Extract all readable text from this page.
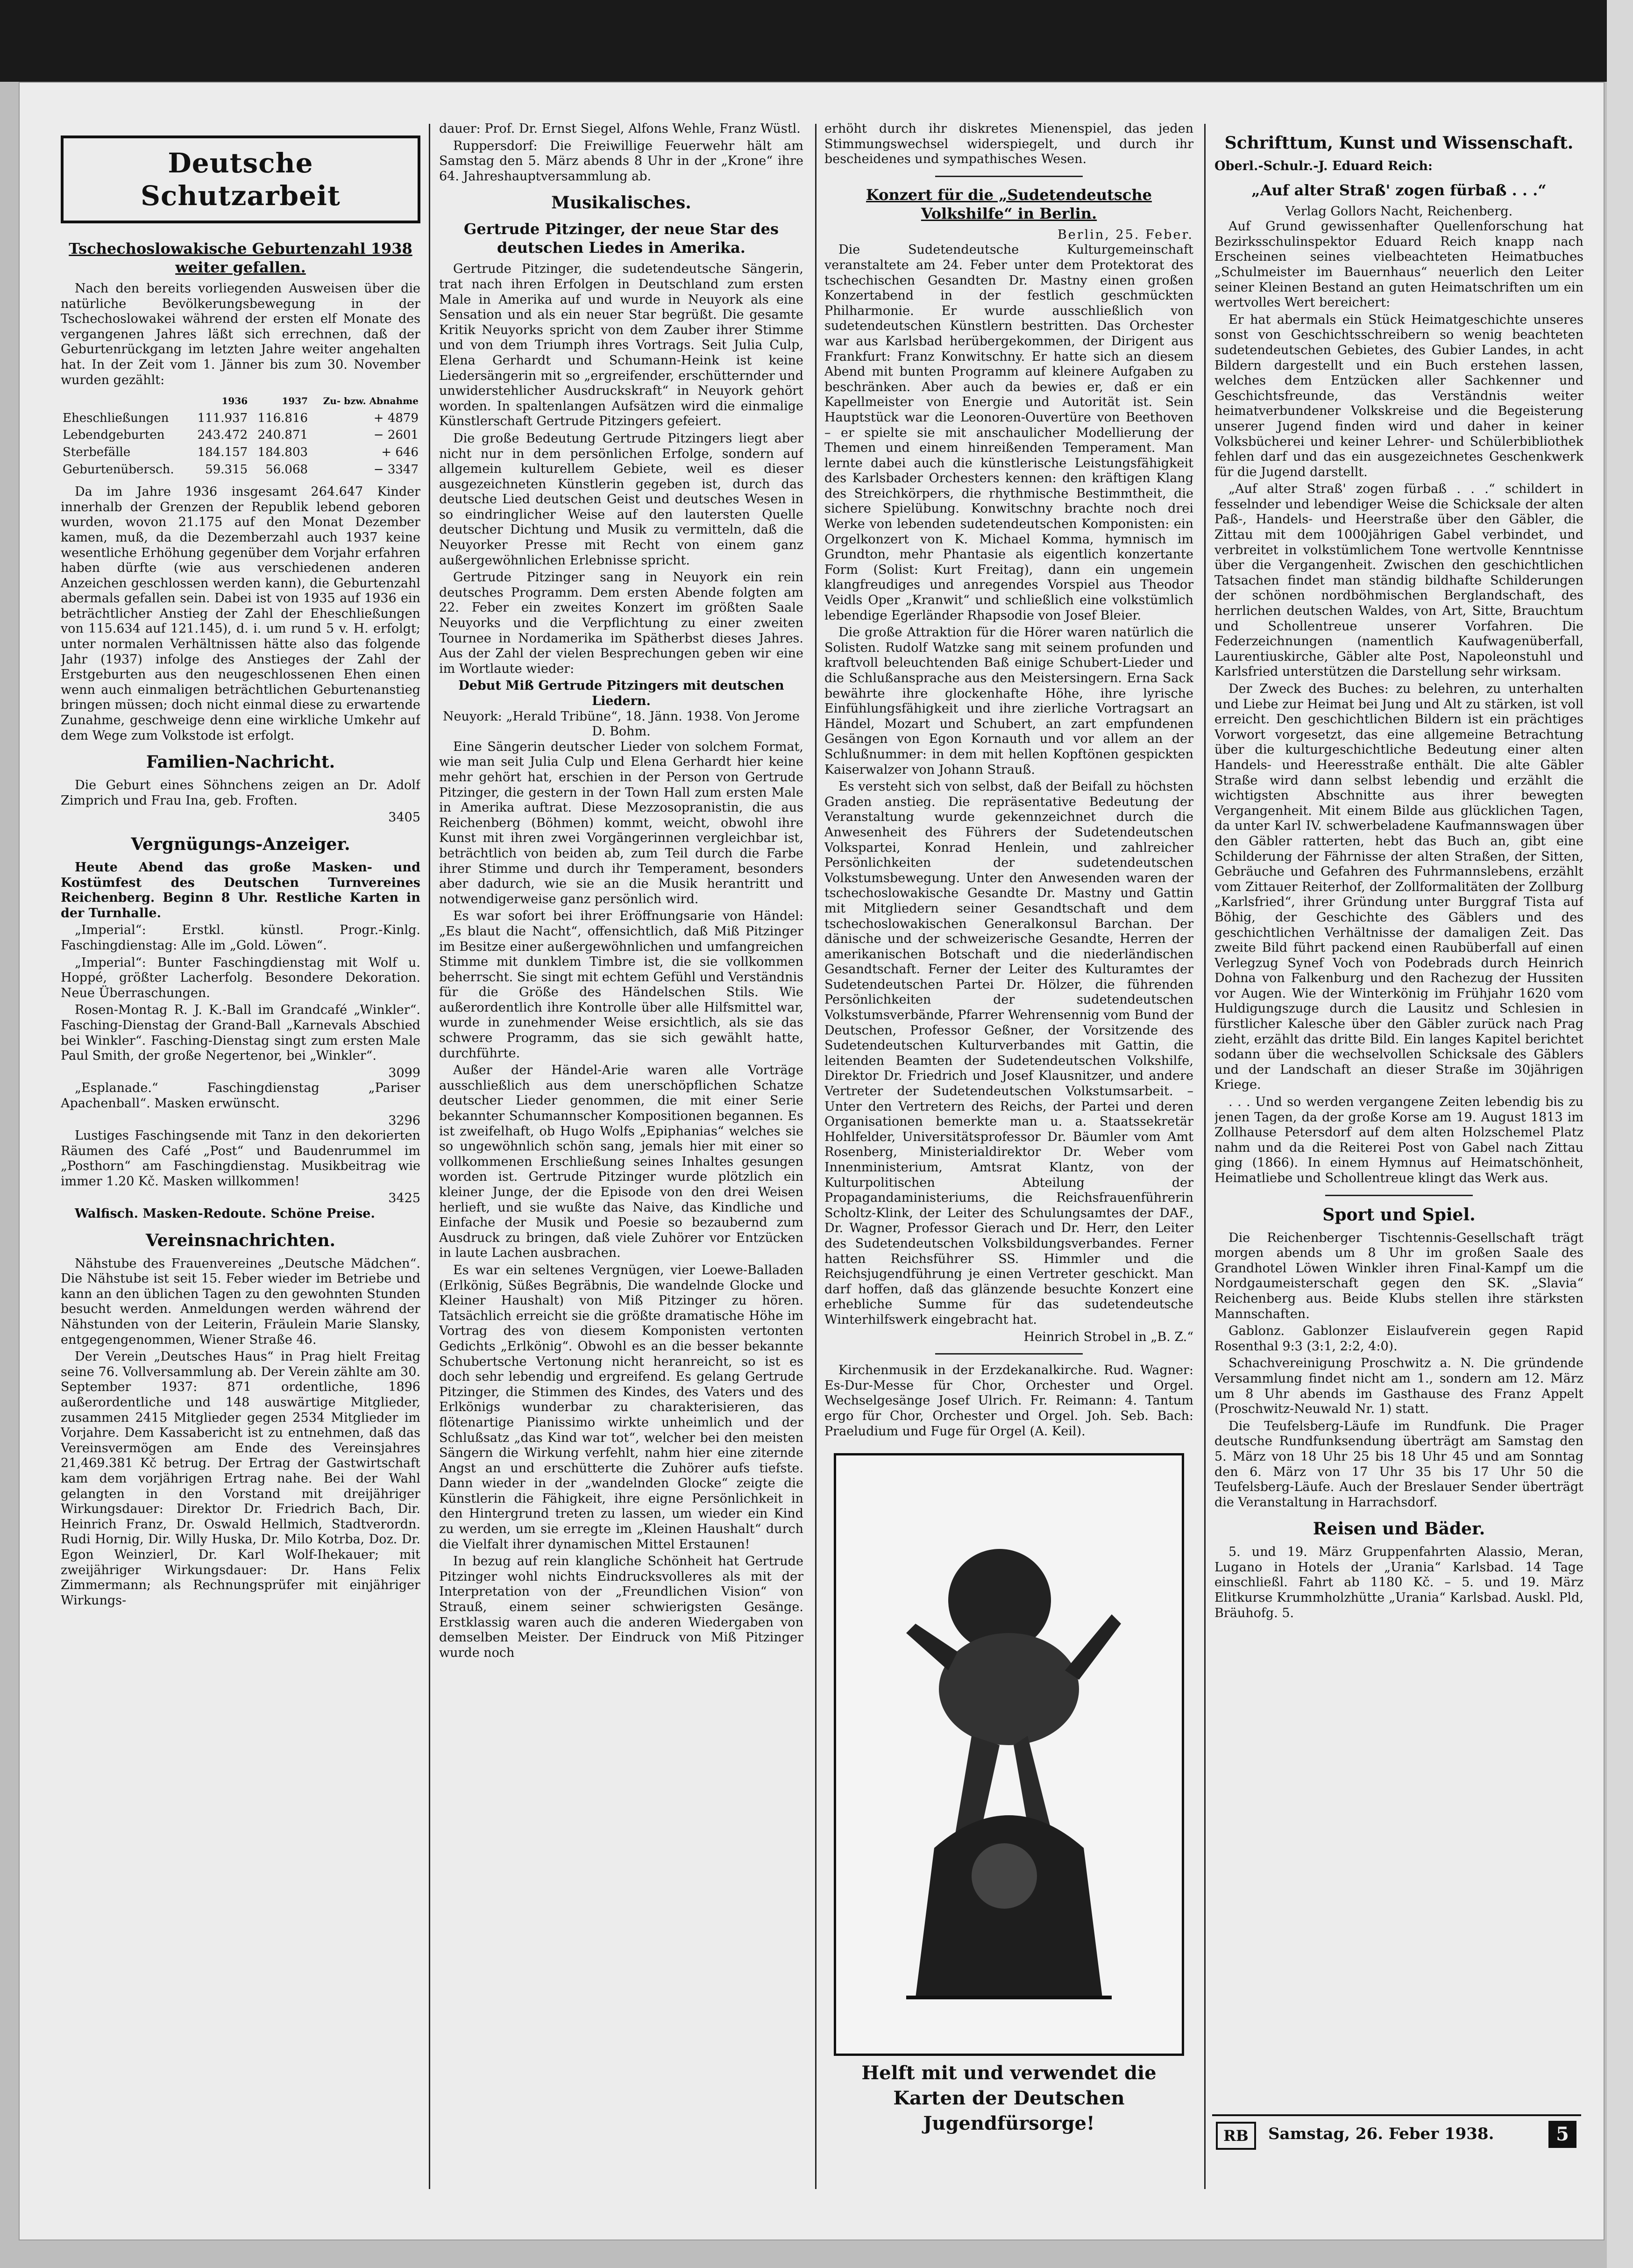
Deutsche Schutzarbeit
Tschechoslowakische Geburtenzahl 1938 weiter gefallen.

Nach den bereits vorliegenden Ausweisen über die natürliche Bevölkerungsbewegung in der Tschechoslowakei während der ersten elf Monate des vergangenen Jahres läßt sich errechnen, daß der Geburtenrückgang im letzten Jahre weiter angehalten hat. In der Zeit vom 1. Jänner bis zum 30. November wurden gezählt:

	1936	1937	Zu- bzw. Abnahme
Eheschließungen	111.937	116.816	+ 4879
Lebendgeburten	243.472	240.871	− 2601
Sterbefälle	184.157	184.803	+ 646
Geburtenübersch.	59.315	56.068	− 3347

Da im Jahre 1936 insgesamt 264.647 Kinder innerhalb der Grenzen der Republik lebend geboren wurden, wovon 21.175 auf den Monat Dezember kamen, muß, da die Dezemberzahl auch 1937 keine wesentliche Erhöhung gegenüber dem Vorjahr erfahren haben dürfte (wie aus verschiedenen anderen Anzeichen geschlossen werden kann), die Geburtenzahl abermals gefallen sein. Dabei ist von 1935 auf 1936 ein beträchtlicher Anstieg der Zahl der Eheschließungen von 115.634 auf 121.145), d. i. um rund 5 v. H. erfolgt; unter normalen Verhältnissen hätte also das folgende Jahr (1937) infolge des Anstieges der Zahl der Erstgeburten aus den neugeschlossenen Ehen einen wenn auch einmaligen beträchtlichen Geburtenanstieg bringen müssen; doch nicht einmal diese zu erwartende Zunahme, geschweige denn eine wirkliche Umkehr auf dem Wege zum Volkstode ist erfolgt.

Familien-Nachricht.

Die Geburt eines Söhnchens zeigen an Dr. Adolf Zimprich und Frau Ina, geb. Froften.

3405
Vergnügungs-Anzeiger.

Heute Abend das große Masken- und Kostümfest des Deutschen Turnvereines Reichenberg. Beginn 8 Uhr. Restliche Karten in der Turnhalle.

„Imperial“: Erstkl. künstl. Progr.-Kinlg. Faschingdienstag: Alle im „Gold. Löwen“.

„Imperial“: Bunter Faschingdienstag mit Wolf u. Hoppé, größter Lacherfolg. Besondere Dekoration. Neue Überraschungen.

Rosen-Montag R. J. K.-Ball im Grandcafé „Winkler“. Fasching-Dienstag der Grand-Ball „Karnevals Abschied bei Winkler“. Fasching-Dienstag singt zum ersten Male Paul Smith, der große Negertenor, bei „Winkler“.

3099

„Esplanade.“ Faschingdienstag „Pariser Apachenball“. Masken erwünscht.

3296

Lustiges Faschingsende mit Tanz in den dekorierten Räumen des Café „Post“ und Baudenrummel im „Posthorn“ am Faschingdienstag. Musikbeitrag wie immer 1.20 Kč. Masken willkommen!

3425

Walfisch. Masken-Redoute. Schöne Preise.

Vereinsnachrichten.

Nähstube des Frauenvereines „Deutsche Mädchen“. Die Nähstube ist seit 15. Feber wieder im Betriebe und kann an den üblichen Tagen zu den gewohnten Stunden besucht werden. Anmeldungen werden während der Nähstunden von der Leiterin, Fräulein Marie Slansky, entgegengenommen, Wiener Straße 46.

Der Verein „Deutsches Haus“ in Prag hielt Freitag seine 76. Vollversammlung ab. Der Verein zählte am 30. September 1937: 871 ordentliche, 1896 außerordentliche und 148 auswärtige Mitglieder, zusammen 2415 Mitglieder gegen 2534 Mitglieder im Vorjahre. Dem Kassabericht ist zu entnehmen, daß das Vereinsvermögen am Ende des Vereinsjahres 21,469.381 Kč betrug. Der Ertrag der Gastwirtschaft kam dem vorjährigen Ertrag nahe. Bei der Wahl gelangten in den Vorstand mit dreijähriger Wirkungsdauer: Direktor Dr. Friedrich Bach, Dir. Heinrich Franz, Dr. Oswald Hellmich, Stadtverordn. Rudi Hornig, Dir. Willy Huska, Dr. Milo Kotrba, Doz. Dr. Egon Weinzierl, Dr. Karl Wolf-Ihekauer; mit zweijähriger Wirkungsdauer: Dr. Hans Felix Zimmermann; als Rechnungsprüfer mit einjähriger Wirkungs-

dauer: Prof. Dr. Ernst Siegel, Alfons Wehle, Franz Wüstl.

Ruppersdorf: Die Freiwillige Feuerwehr hält am Samstag den 5. März abends 8 Uhr in der „Krone“ ihre 64. Jahreshauptversammlung ab.

Musikalisches.
Gertrude Pitzinger, der neue Star des deutschen Liedes in Amerika.

Gertrude Pitzinger, die sudetendeutsche Sängerin, trat nach ihren Erfolgen in Deutschland zum ersten Male in Amerika auf und wurde in Neuyork als eine Sensation und als ein neuer Star begrüßt. Die gesamte Kritik Neuyorks spricht von dem Zauber ihrer Stimme und von dem Triumph ihres Vortrags. Seit Julia Culp, Elena Gerhardt und Schumann-Heink ist keine Liedersängerin mit so „ergreifender, erschütternder und unwiderstehlicher Ausdruckskraft“ in Neuyork gehört worden. In spaltenlangen Aufsätzen wird die einmalige Künstlerschaft Gertrude Pitzingers gefeiert.

Die große Bedeutung Gertrude Pitzingers liegt aber nicht nur in dem persönlichen Erfolge, sondern auf allgemein kulturellem Gebiete, weil es dieser ausgezeichneten Künstlerin gegeben ist, durch das deutsche Lied deutschen Geist und deutsches Wesen in so eindringlicher Weise auf den lautersten Quelle deutscher Dichtung und Musik zu vermitteln, daß die Neuyorker Presse mit Recht von einem ganz außergewöhnlichen Erlebnisse spricht.

Gertrude Pitzinger sang in Neuyork ein rein deutsches Programm. Dem ersten Abende folgten am 22. Feber ein zweites Konzert im größten Saale Neuyorks und die Verpflichtung zu einer zweiten Tournee in Nordamerika im Spätherbst dieses Jahres. Aus der Zahl der vielen Besprechungen geben wir eine im Wortlaute wieder:

Debut Miß Gertrude Pitzingers mit deutschen Liedern.
Neuyork: „Herald Tribüne“, 18. Jänn. 1938. Von Jerome D. Bohm.

Eine Sängerin deutscher Lieder von solchem Format, wie man seit Julia Culp und Elena Gerhardt hier keine mehr gehört hat, erschien in der Person von Gertrude Pitzinger, die gestern in der Town Hall zum ersten Male in Amerika auftrat. Diese Mezzosopranistin, die aus Reichenberg (Böhmen) kommt, weicht, obwohl ihre Kunst mit ihren zwei Vorgängerinnen vergleichbar ist, beträchtlich von beiden ab, zum Teil durch die Farbe ihrer Stimme und durch ihr Temperament, besonders aber dadurch, wie sie an die Musik herantritt und notwendigerweise ganz persönlich wird.

Es war sofort bei ihrer Eröffnungsarie von Händel: „Es blaut die Nacht“, offensichtlich, daß Miß Pitzinger im Besitze einer außergewöhnlichen und umfangreichen Stimme mit dunklem Timbre ist, die sie vollkommen beherrscht. Sie singt mit echtem Gefühl und Verständnis für die Größe des Händelschen Stils. Wie außerordentlich ihre Kontrolle über alle Hilfsmittel war, wurde in zunehmender Weise ersichtlich, als sie das schwere Programm, das sie sich gewählt hatte, durchführte.

Außer der Händel-Arie waren alle Vorträge ausschließlich aus dem unerschöpflichen Schatze deutscher Lieder genommen, die mit einer Serie bekannter Schumannscher Kompositionen begannen. Es ist zweifelhaft, ob Hugo Wolfs „Epiphanias“ welches sie so ungewöhnlich schön sang, jemals hier mit einer so vollkommenen Erschließung seines Inhaltes gesungen worden ist. Gertrude Pitzinger wurde plötzlich ein kleiner Junge, der die Episode von den drei Weisen herlieft, und sie wußte das Naive, das Kindliche und Einfache der Musik und Poesie so bezaubernd zum Ausdruck zu bringen, daß viele Zuhörer vor Entzücken in laute Lachen ausbrachen.

Es war ein seltenes Vergnügen, vier Loewe-Balladen (Erlkönig, Süßes Begräbnis, Die wandelnde Glocke und Kleiner Haushalt) von Miß Pitzinger zu hören. Tatsächlich erreicht sie die größte dramatische Höhe im Vortrag des von diesem Komponisten vertonten Gedichts „Erlkönig“. Obwohl es an die besser bekannte Schubertsche Vertonung nicht heranreicht, so ist es doch sehr lebendig und ergreifend. Es gelang Gertrude Pitzinger, die Stimmen des Kindes, des Vaters und des Erlkönigs wunderbar zu charakterisieren, das flötenartige Pianissimo wirkte unheimlich und der Schlußsatz „das Kind war tot“, welcher bei den meisten Sängern die Wirkung verfehlt, nahm hier eine ziternde Angst an und erschütterte die Zuhörer aufs tiefste. Dann wieder in der „wandelnden Glocke“ zeigte die Künstlerin die Fähigkeit, ihre eigne Persönlichkeit in den Hintergrund treten zu lassen, um wieder ein Kind zu werden, um sie erregte im „Kleinen Haushalt“ durch die Vielfalt ihrer dynamischen Mittel Erstaunen!

In bezug auf rein klangliche Schönheit hat Gertrude Pitzinger wohl nichts Eindrucksvolleres als mit der Interpretation von der „Freundlichen Vision“ von Strauß, einem seiner schwierigsten Gesänge. Erstklassig waren auch die anderen Wiedergaben von demselben Meister. Der Eindruck von Miß Pitzinger wurde noch

erhöht durch ihr diskretes Mienenspiel, das jeden Stimmungswechsel widerspiegelt, und durch ihr bescheidenes und sympathisches Wesen.

Konzert für die „Sudetendeutsche Volkshilfe“ in Berlin.
Berlin, 25. Feber.

Die Sudetendeutsche Kulturgemeinschaft veranstaltete am 24. Feber unter dem Protektorat des tschechischen Gesandten Dr. Mastny einen großen Konzertabend in der festlich geschmückten Philharmonie. Er wurde ausschließlich von sudetendeutschen Künstlern bestritten. Das Orchester war aus Karlsbad herübergekommen, der Dirigent aus Frankfurt: Franz Konwitschny. Er hatte sich an diesem Abend mit bunten Programm auf kleinere Aufgaben zu beschränken. Aber auch da bewies er, daß er ein Kapellmeister von Energie und Autorität ist. Sein Hauptstück war die Leonoren-Ouvertüre von Beethoven – er spielte sie mit anschaulicher Modellierung der Themen und einem hinreißenden Temperament. Man lernte dabei auch die künstlerische Leistungsfähigkeit des Karlsbader Orchesters kennen: den kräftigen Klang des Streichkörpers, die rhythmische Bestimmtheit, die sichere Spielübung. Konwitschny brachte noch drei Werke von lebenden sudetendeutschen Komponisten: ein Orgelkonzert von K. Michael Komma, hymnisch im Grundton, mehr Phantasie als eigentlich konzertante Form (Solist: Kurt Freitag), dann ein ungemein klangfreudiges und anregendes Vorspiel aus Theodor Veidls Oper „Kranwit“ und schließlich eine volkstümlich lebendige Egerländer Rhapsodie von Josef Bleier.

Die große Attraktion für die Hörer waren natürlich die Solisten. Rudolf Watzke sang mit seinem profunden und kraftvoll beleuchtenden Baß einige Schubert-Lieder und die Schlußansprache aus den Meistersingern. Erna Sack bewährte ihre glockenhafte Höhe, ihre lyrische Einfühlungsfähigkeit und ihre zierliche Vortragsart an Händel, Mozart und Schubert, an zart empfundenen Gesängen von Egon Kornauth und vor allem an der Schlußnummer: in dem mit hellen Kopftönen gespickten Kaiserwalzer von Johann Strauß.

Es versteht sich von selbst, daß der Beifall zu höchsten Graden anstieg. Die repräsentative Bedeutung der Veranstaltung wurde gekennzeichnet durch die Anwesenheit des Führers der Sudetendeutschen Volkspartei, Konrad Henlein, und zahlreicher Persönlichkeiten der sudetendeutschen Volkstumsbewegung. Unter den Anwesenden waren der tschechoslowakische Gesandte Dr. Mastny und Gattin mit Mitgliedern seiner Gesandtschaft und dem tschechoslowakischen Generalkonsul Barchan. Der dänische und der schweizerische Gesandte, Herren der amerikanischen Botschaft und die niederländischen Gesandtschaft. Ferner der Leiter des Kulturamtes der Sudetendeutschen Partei Dr. Hölzer, die führenden Persönlichkeiten der sudetendeutschen Volkstumsverbände, Pfarrer Wehrensennig vom Bund der Deutschen, Professor Geßner, der Vorsitzende des Sudetendeutschen Kulturverbandes mit Gattin, die leitenden Beamten der Sudetendeutschen Volkshilfe, Direktor Dr. Friedrich und Josef Klausnitzer, und andere Vertreter der Sudetendeutschen Volkstumsarbeit. – Unter den Vertretern des Reichs, der Partei und deren Organisationen bemerkte man u. a. Staatssekretär Hohlfelder, Universitätsprofessor Dr. Bäumler vom Amt Rosenberg, Ministerialdirektor Dr. Weber vom Innenministerium, Amtsrat Klantz, von der Kulturpolitischen Abteilung der Propagandaministeriums, die Reichsfrauenführerin Scholtz-Klink, der Leiter des Schulungsamtes der DAF., Dr. Wagner, Professor Gierach und Dr. Herr, den Leiter des Sudetendeutschen Volksbildungsverbandes. Ferner hatten Reichsführer SS. Himmler und die Reichsjugendführung je einen Vertreter geschickt. Man darf hoffen, daß das glänzende besuchte Konzert eine erhebliche Summe für das sudetendeutsche Winterhilfswerk eingebracht hat.

Heinrich Strobel in „B. Z.“

Kirchenmusik in der Erzdekanalkirche. Rud. Wagner: Es-Dur-Messe für Chor, Orchester und Orgel. Wechselgesänge Josef Ulrich. Fr. Reimann: 4. Tantum ergo für Chor, Orchester und Orgel. Joh. Seb. Bach: Praeludium und Fuge für Orgel (A. Keil).

Helft mit und verwendet die Karten der Deutschen Jugendfürsorge!
Schrifttum, Kunst und Wissenschaft.
Oberl.-Schulr.-J. Eduard Reich:
„Auf alter Straß' zogen fürbaß . . .“
Verlag Gollors Nacht, Reichenberg.

Auf Grund gewissenhafter Quellenforschung hat Bezirksschulinspektor Eduard Reich knapp nach Erscheinen seines vielbeachteten Heimatbuches „Schulmeister im Bauernhaus“ neuerlich den Leiter seiner Kleinen Bestand an guten Heimatschriften um ein wertvolles Wert bereichert:

Er hat abermals ein Stück Heimatgeschichte unseres sonst von Geschichtsschreibern so wenig beachteten sudetendeutschen Gebietes, des Gubier Landes, in acht Bildern dargestellt und ein Buch erstehen lassen, welches dem Entzücken aller Sachkenner und Geschichtsfreunde, das Verständnis weiter heimatverbundener Volkskreise und die Begeisterung unserer Jugend finden wird und daher in keiner Volksbücherei und keiner Lehrer- und Schülerbibliothek fehlen darf und das ein ausgezeichnetes Geschenkwerk für die Jugend darstellt.

„Auf alter Straß' zogen fürbaß . . .“ schildert in fesselnder und lebendiger Weise die Schicksale der alten Paß-, Handels- und Heerstraße über den Gäbler, die Zittau mit dem 1000jährigen Gabel verbindet, und verbreitet in volkstümlichem Tone wertvolle Kenntnisse über die Vergangenheit. Zwischen den geschichtlichen Tatsachen findet man ständig bildhafte Schilderungen der schönen nordböhmischen Berglandschaft, des herrlichen deutschen Waldes, von Art, Sitte, Brauchtum und Schollentreue unserer Vorfahren. Die Federzeichnungen (namentlich Kaufwagenüberfall, Laurentiuskirche, Gäbler alte Post, Napoleonstuhl und Karlsfried unterstützen die Darstellung sehr wirksam.

Der Zweck des Buches: zu belehren, zu unterhalten und Liebe zur Heimat bei Jung und Alt zu stärken, ist voll erreicht. Den geschichtlichen Bildern ist ein prächtiges Vorwort vorgesetzt, das eine allgemeine Betrachtung über die kulturgeschichtliche Bedeutung einer alten Handels- und Heeresstraße enthält. Die alte Gäbler Straße wird dann selbst lebendig und erzählt die wichtigsten Abschnitte aus ihrer bewegten Vergangenheit. Mit einem Bilde aus glücklichen Tagen, da unter Karl IV. schwerbeladene Kaufmannswagen über den Gäbler ratterten, hebt das Buch an, gibt eine Schilderung der Fährnisse der alten Straßen, der Sitten, Gebräuche und Gefahren des Fuhrmannslebens, erzählt vom Zittauer Reiterhof, der Zollformalitäten der Zollburg „Karlsfried“, ihrer Gründung unter Burggraf Tista auf Böhig, der Geschichte des Gäblers und des geschichtlichen Verhältnisse der damaligen Zeit. Das zweite Bild führt packend einen Raubüberfall auf einen Verlegzug Synef Voch von Podebrads durch Heinrich Dohna von Falkenburg und den Rachezug der Hussiten vor Augen. Wie der Winterkönig im Frühjahr 1620 vom Huldigungszuge durch die Lausitz und Schlesien in fürstlicher Kalesche über den Gäbler zurück nach Prag zieht, erzählt das dritte Bild. Ein langes Kapitel berichtet sodann über die wechselvollen Schicksale des Gäblers und der Landschaft an dieser Straße im 30jährigen Kriege.

. . . Und so werden vergangene Zeiten lebendig bis zu jenen Tagen, da der große Korse am 19. August 1813 im Zollhause Petersdorf auf dem alten Holzschemel Platz nahm und da die Reiterei Post von Gabel nach Zittau ging (1866). In einem Hymnus auf Heimatschönheit, Heimatliebe und Schollentreue klingt das Werk aus.

Sport und Spiel.

Die Reichenberger Tischtennis-Gesellschaft trägt morgen abends um 8 Uhr im großen Saale des Grandhotel Löwen Winkler ihren Final-Kampf um die Nordgaumeisterschaft gegen den SK. „Slavia“ Reichenberg aus. Beide Klubs stellen ihre stärksten Mannschaften.

Gablonz. Gablonzer Eislaufverein gegen Rapid Rosenthal 9:3 (3:1, 2:2, 4:0).

Schachvereinigung Proschwitz a. N. Die gründende Versammlung findet nicht am 1., sondern am 12. März um 8 Uhr abends im Gasthause des Franz Appelt (Proschwitz-Neuwald Nr. 1) statt.

Die Teufelsberg-Läufe im Rundfunk. Die Prager deutsche Rundfunksendung überträgt am Samstag den 5. März von 18 Uhr 25 bis 18 Uhr 45 und am Sonntag den 6. März von 17 Uhr 35 bis 17 Uhr 50 die Teufelsberg-Läufe. Auch der Breslauer Sender überträgt die Veranstaltung in Harrachsdorf.

Reisen und Bäder.

5. und 19. März Gruppenfahrten Alassio, Meran, Lugano in Hotels der „Urania“ Karlsbad. 14 Tage einschließl. Fahrt ab 1180 Kč. – 5. und 19. März Elitkurse Krummholzhütte „Urania“ Karlsbad. Auskl. Pld, Bräuhofg. 5.

RB	Samstag, 26. Feber 1938.	5
